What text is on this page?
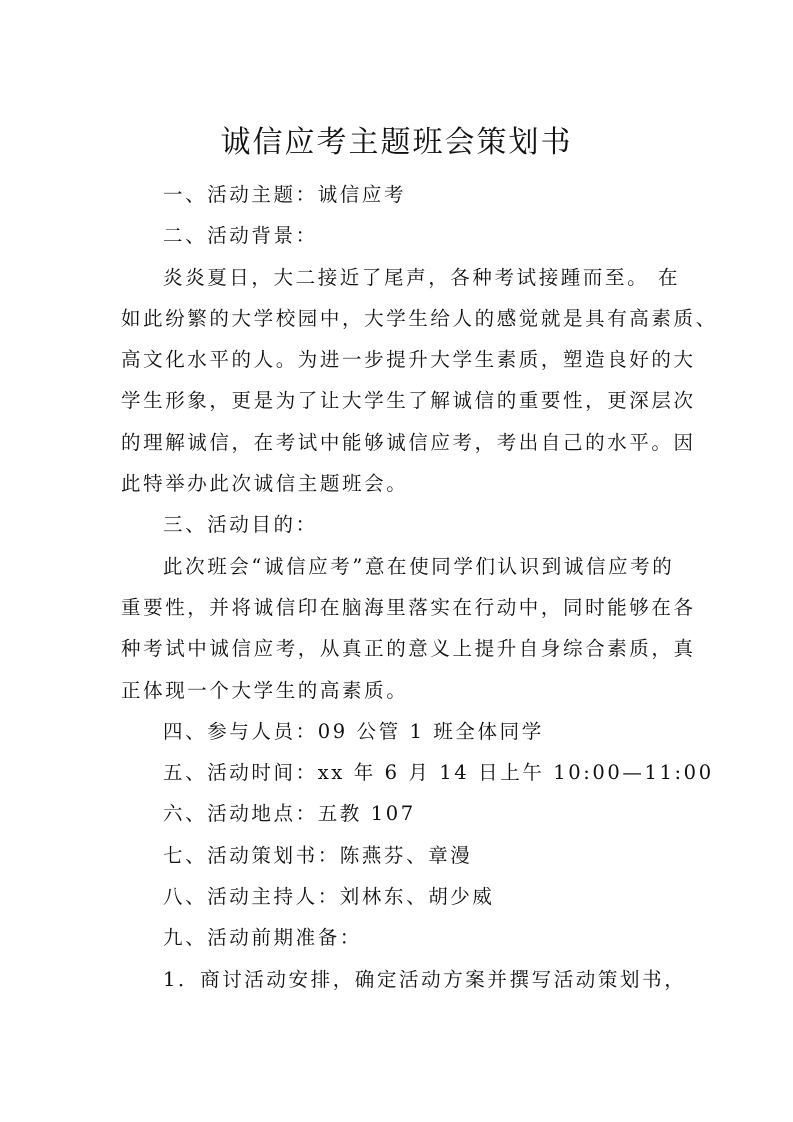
诚信应考主题班会策划书

一、活动主题：诚信应考

二、活动背景：

炎炎夏日，大二接近了尾声，各种考试接踵而至。 在
如此纷繁的大学校园中，大学生给人的感觉就是具有高素质、
高文化水平的人。为进一步提升大学生素质，塑造良好的大
学生形象，更是为了让大学生了解诚信的重要性，更深层次
的理解诚信，在考试中能够诚信应考，考出自己的水平。因
此特举办此次诚信主题班会。

三、活动目的：

此次班会“诚信应考”意在使同学们认识到诚信应考的
重要性，并将诚信印在脑海里落实在行动中，同时能够在各
种考试中诚信应考，从真正的意义上提升自身综合素质，真
正体现一个大学生的高素质。

四、参与人员：09 公管 1 班全体同学

五、活动时间：xx 年 6 月 14 日上午 10:00—11:00

六、活动地点：五教 107

七、活动策划书：陈燕芬、章漫

八、活动主持人：刘林东、胡少威

九、活动前期准备：

1．商讨活动安排，确定活动方案并撰写活动策划书，
